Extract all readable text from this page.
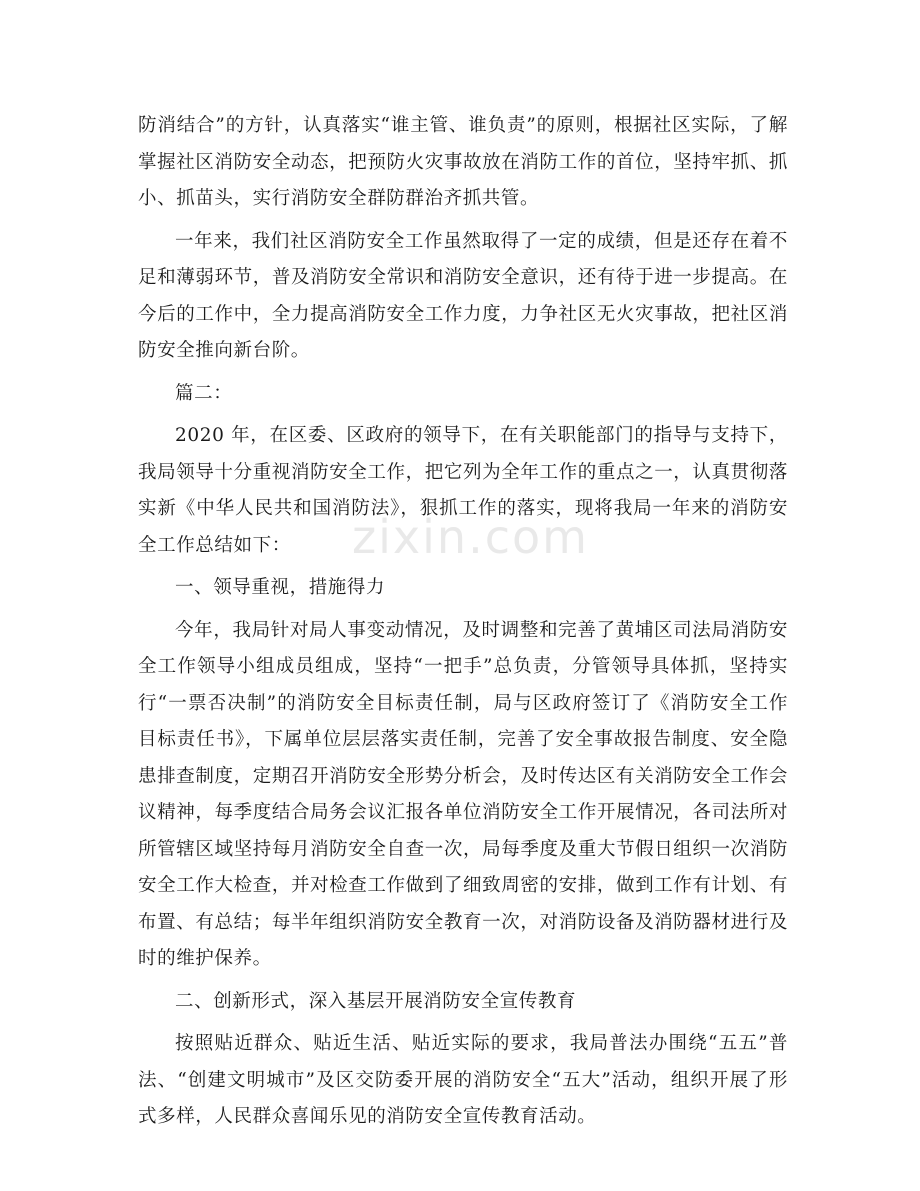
zixin.com

防消结合”的方针，认真落实“谁主管、谁负责”的原则，根据社区实际，了解掌握社区消防安全动态，把预防火灾事故放在消防工作的首位，坚持牢抓、抓小、抓苗头，实行消防安全群防群治齐抓共管。

一年来，我们社区消防安全工作虽然取得了一定的成绩，但是还存在着不足和薄弱环节，普及消防安全常识和消防安全意识，还有待于进一步提高。在今后的工作中，全力提高消防安全工作力度，力争社区无火灾事故，把社区消防安全推向新台阶。

篇二：

2020 年，在区委、区政府的领导下，在有关职能部门的指导与支持下，我局领导十分重视消防安全工作，把它列为全年工作的重点之一，认真贯彻落实新《中华人民共和国消防法》，狠抓工作的落实，现将我局一年来的消防安全工作总结如下：

一、领导重视，措施得力

今年，我局针对局人事变动情况，及时调整和完善了黄埔区司法局消防安全工作领导小组成员组成，坚持“一把手”总负责，分管领导具体抓，坚持实行“一票否决制”的消防安全目标责任制，局与区政府签订了《消防安全工作目标责任书》，下属单位层层落实责任制，完善了安全事故报告制度、安全隐患排查制度，定期召开消防安全形势分析会，及时传达区有关消防安全工作会议精神，每季度结合局务会议汇报各单位消防安全工作开展情况，各司法所对所管辖区域坚持每月消防安全自查一次，局每季度及重大节假日组织一次消防安全工作大检查，并对检查工作做到了细致周密的安排，做到工作有计划、有布置、有总结；每半年组织消防安全教育一次，对消防设备及消防器材进行及时的维护保养。

二、创新形式，深入基层开展消防安全宣传教育

按照贴近群众、贴近生活、贴近实际的要求，我局普法办围绕“五五”普法、“创建文明城市”及区交防委开展的消防安全“五大”活动，组织开展了形式多样，人民群众喜闻乐见的消防安全宣传教育活动。
